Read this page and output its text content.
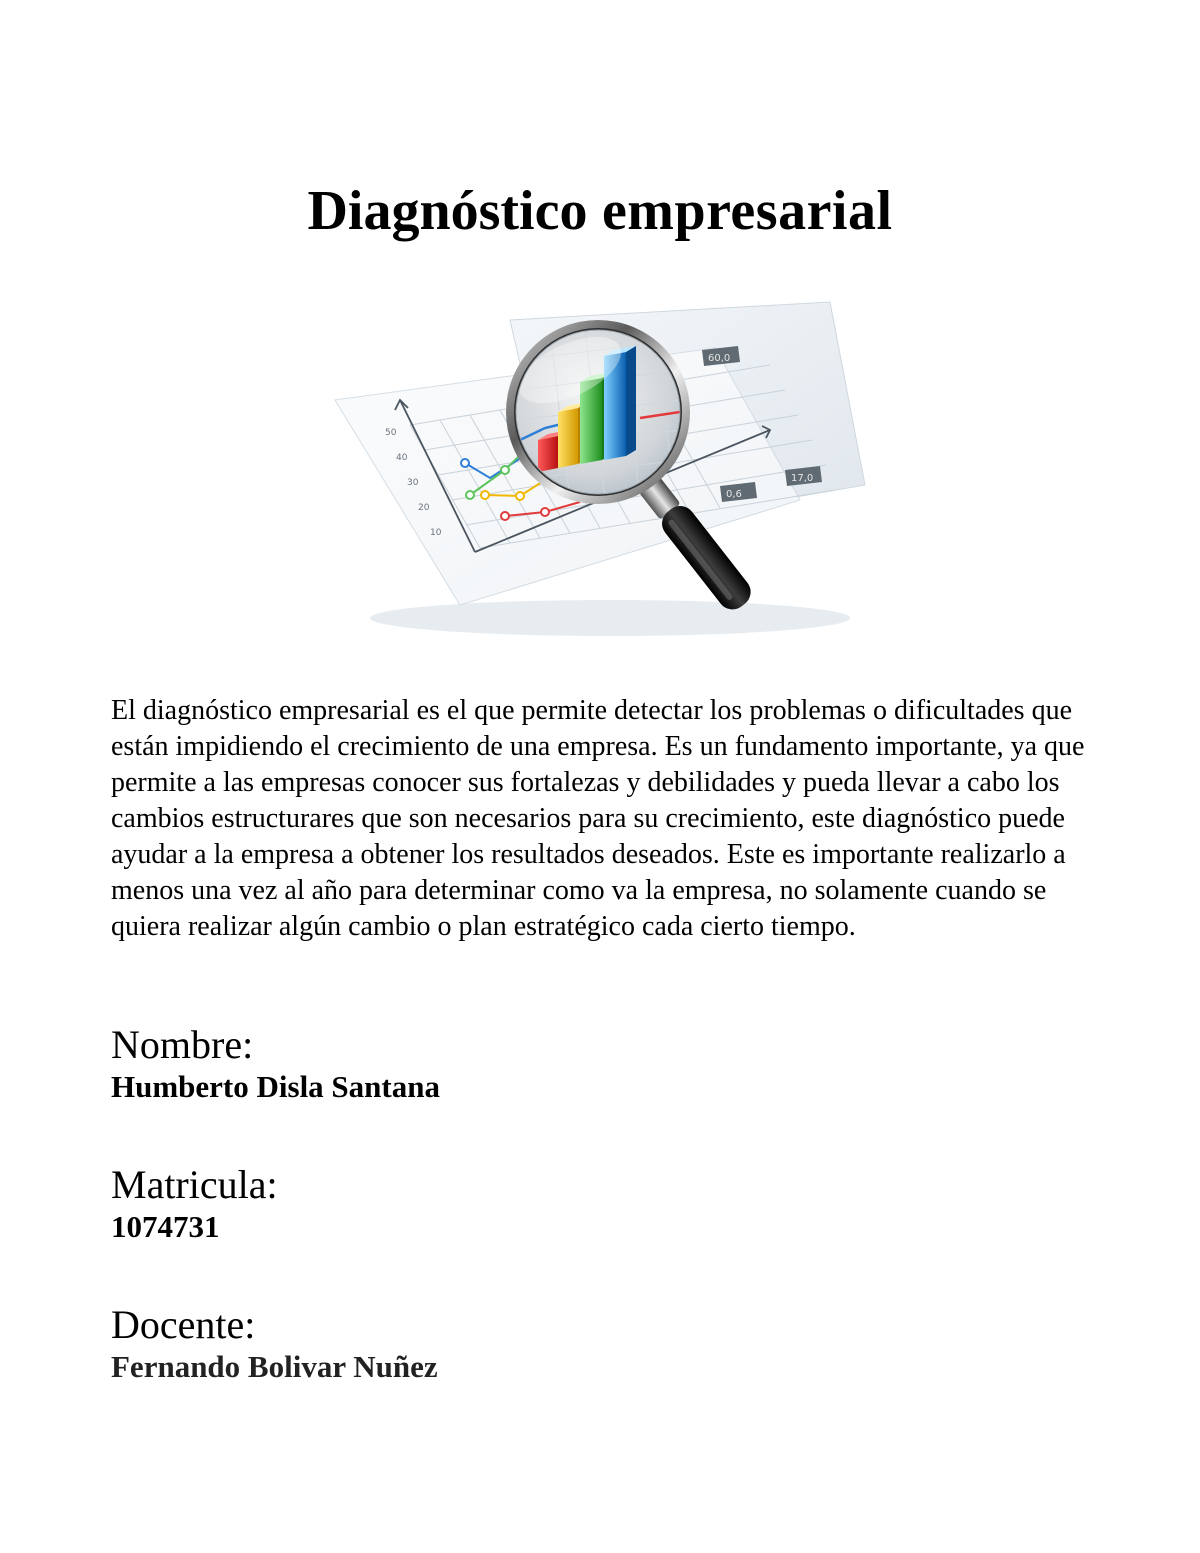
Diagnóstico empresarial
50
40
30
20
10
60,0
17,0
0,6

El diagnóstico empresarial es el que permite detectar los problemas o dificultades que están impidiendo el crecimiento de una empresa. Es un fundamento importante, ya que permite a las empresas conocer sus fortalezas y debilidades y pueda llevar a cabo los cambios estructurares que son necesarios para su crecimiento, este diagnóstico puede ayudar a la empresa a obtener los resultados deseados. Este es importante realizarlo a menos una vez al año para determinar como va la empresa, no solamente cuando se quiera realizar algún cambio o plan estratégico cada cierto tiempo.

Nombre:

Humberto Disla Santana

Matricula:

1074731

Docente:

Fernando Bolivar Nuñez
